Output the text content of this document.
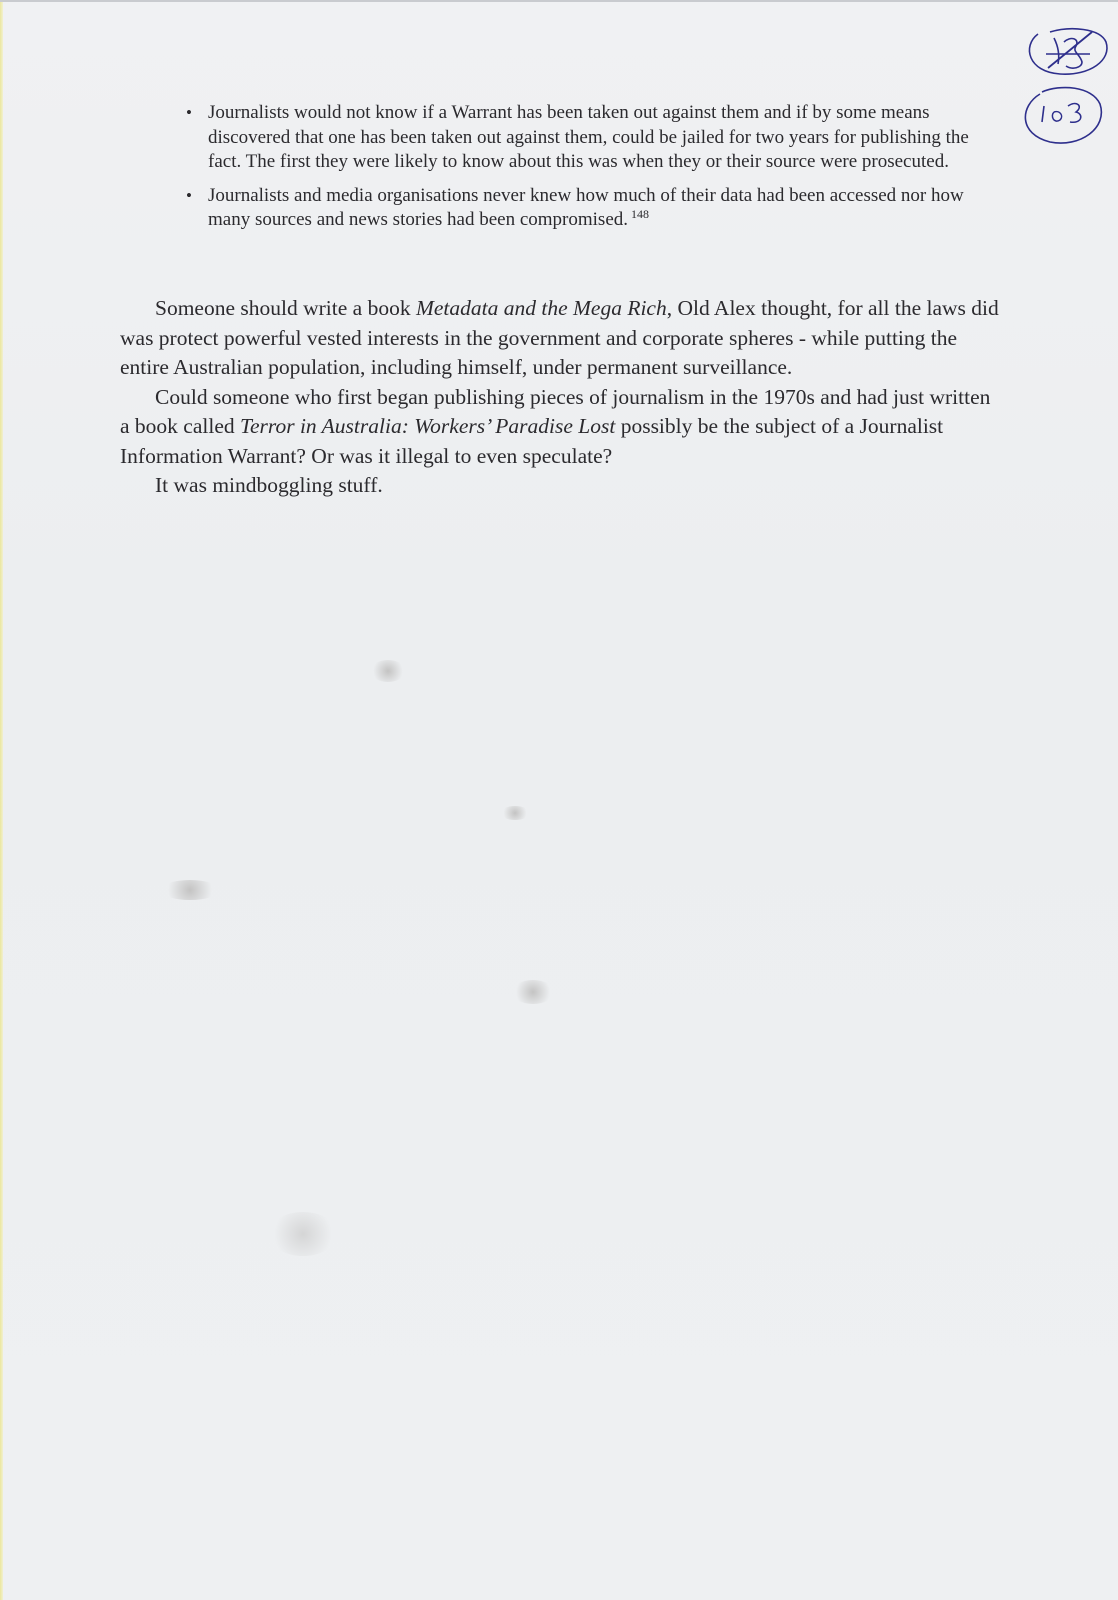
• Journalists would not know if a Warrant has been taken out against them and if by some means discovered that one has been taken out against them, could be jailed for two years for publishing the fact. The first they were likely to know about this was when they or their source were prosecuted.
• Journalists and media organisations never knew how much of their data had been accessed nor how many sources and news stories had been compromised. $^{148}$

Someone should write a book Metadata and the Mega Rich, Old Alex thought, for all the laws did was protect powerful vested interests in the government and corporate spheres - while putting the entire Australian population, including himself, under permanent surveillance.

Could someone who first began publishing pieces of journalism in the 1970s and had just written a book called Terror in Australia: Workers’ Paradise Lost possibly be the subject of a Journalist Information Warrant? Or was it illegal to even speculate?

It was mindboggling stuff.
